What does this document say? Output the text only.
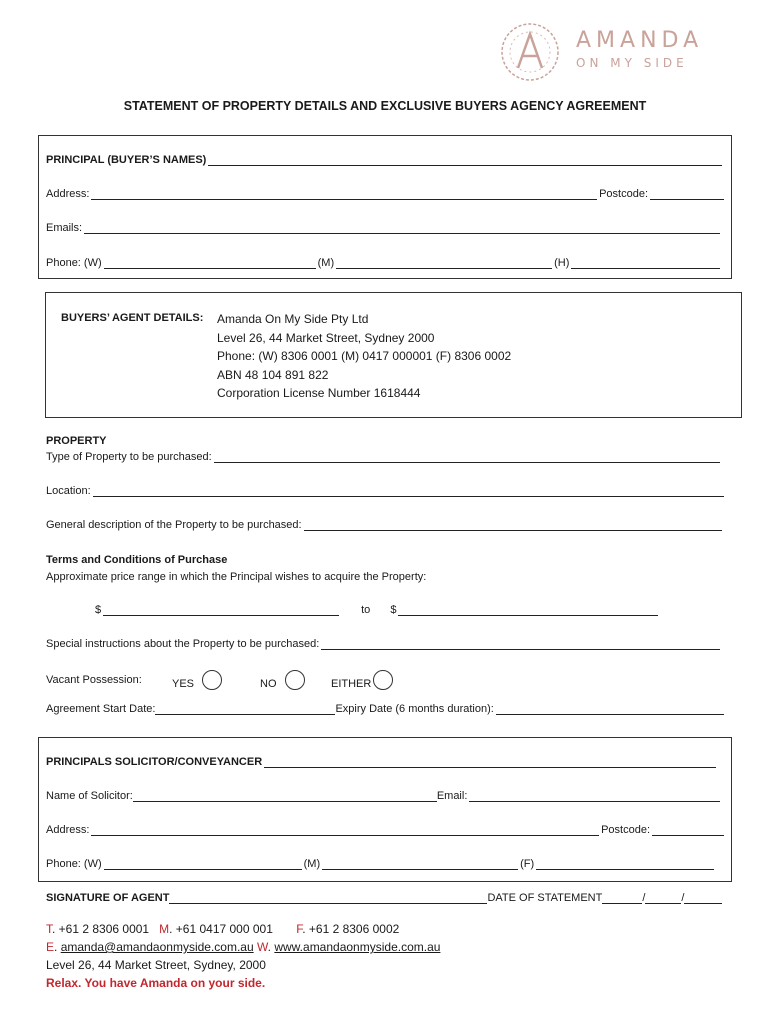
AMANDA
ON MY SIDE
STATEMENT OF PROPERTY DETAILS AND EXCLUSIVE BUYERS AGENCY AGREEMENT
PRINCIPAL (BUYER’S NAMES)
Address:	Postcode:
Emails:
Phone: (W)	(M)	(H)
BUYERS’ AGENT DETAILS: Amanda On My Side Pty Ltd
Level 26, 44 Market Street, Sydney 2000
Phone: (W) 8306 0001 (M) 0417 000001 (F) 8306 0002
ABN 48 104 891 822
Corporation License Number 1618444
PROPERTY
Type of Property to be purchased:
Location:
General description of the Property to be purchased:
Terms and Conditions of Purchase
Approximate price range in which the Principal wishes to acquire the Property:
$	to $
Special instructions about the Property to be purchased:
Vacant Possession:	YES	NO	EITHER
Agreement Start Date:	Expiry Date (6 months duration):
PRINCIPALS SOLICITOR/CONVEYANCER
Name of Solicitor:	Email:
Address:	Postcode:
Phone: (W)	(M)	(F)
SIGNATURE OF AGENT	DATE OF STATEMENT	/	/
T. +61 2 8306 0001 M. +61 0417 000 001 F. +61 2 8306 0002
E. amanda@amandaonmyside.com.au W. www.amandaonmyside.com.au
Level 26, 44 Market Street, Sydney, 2000
Relax. You have Amanda on your side.
